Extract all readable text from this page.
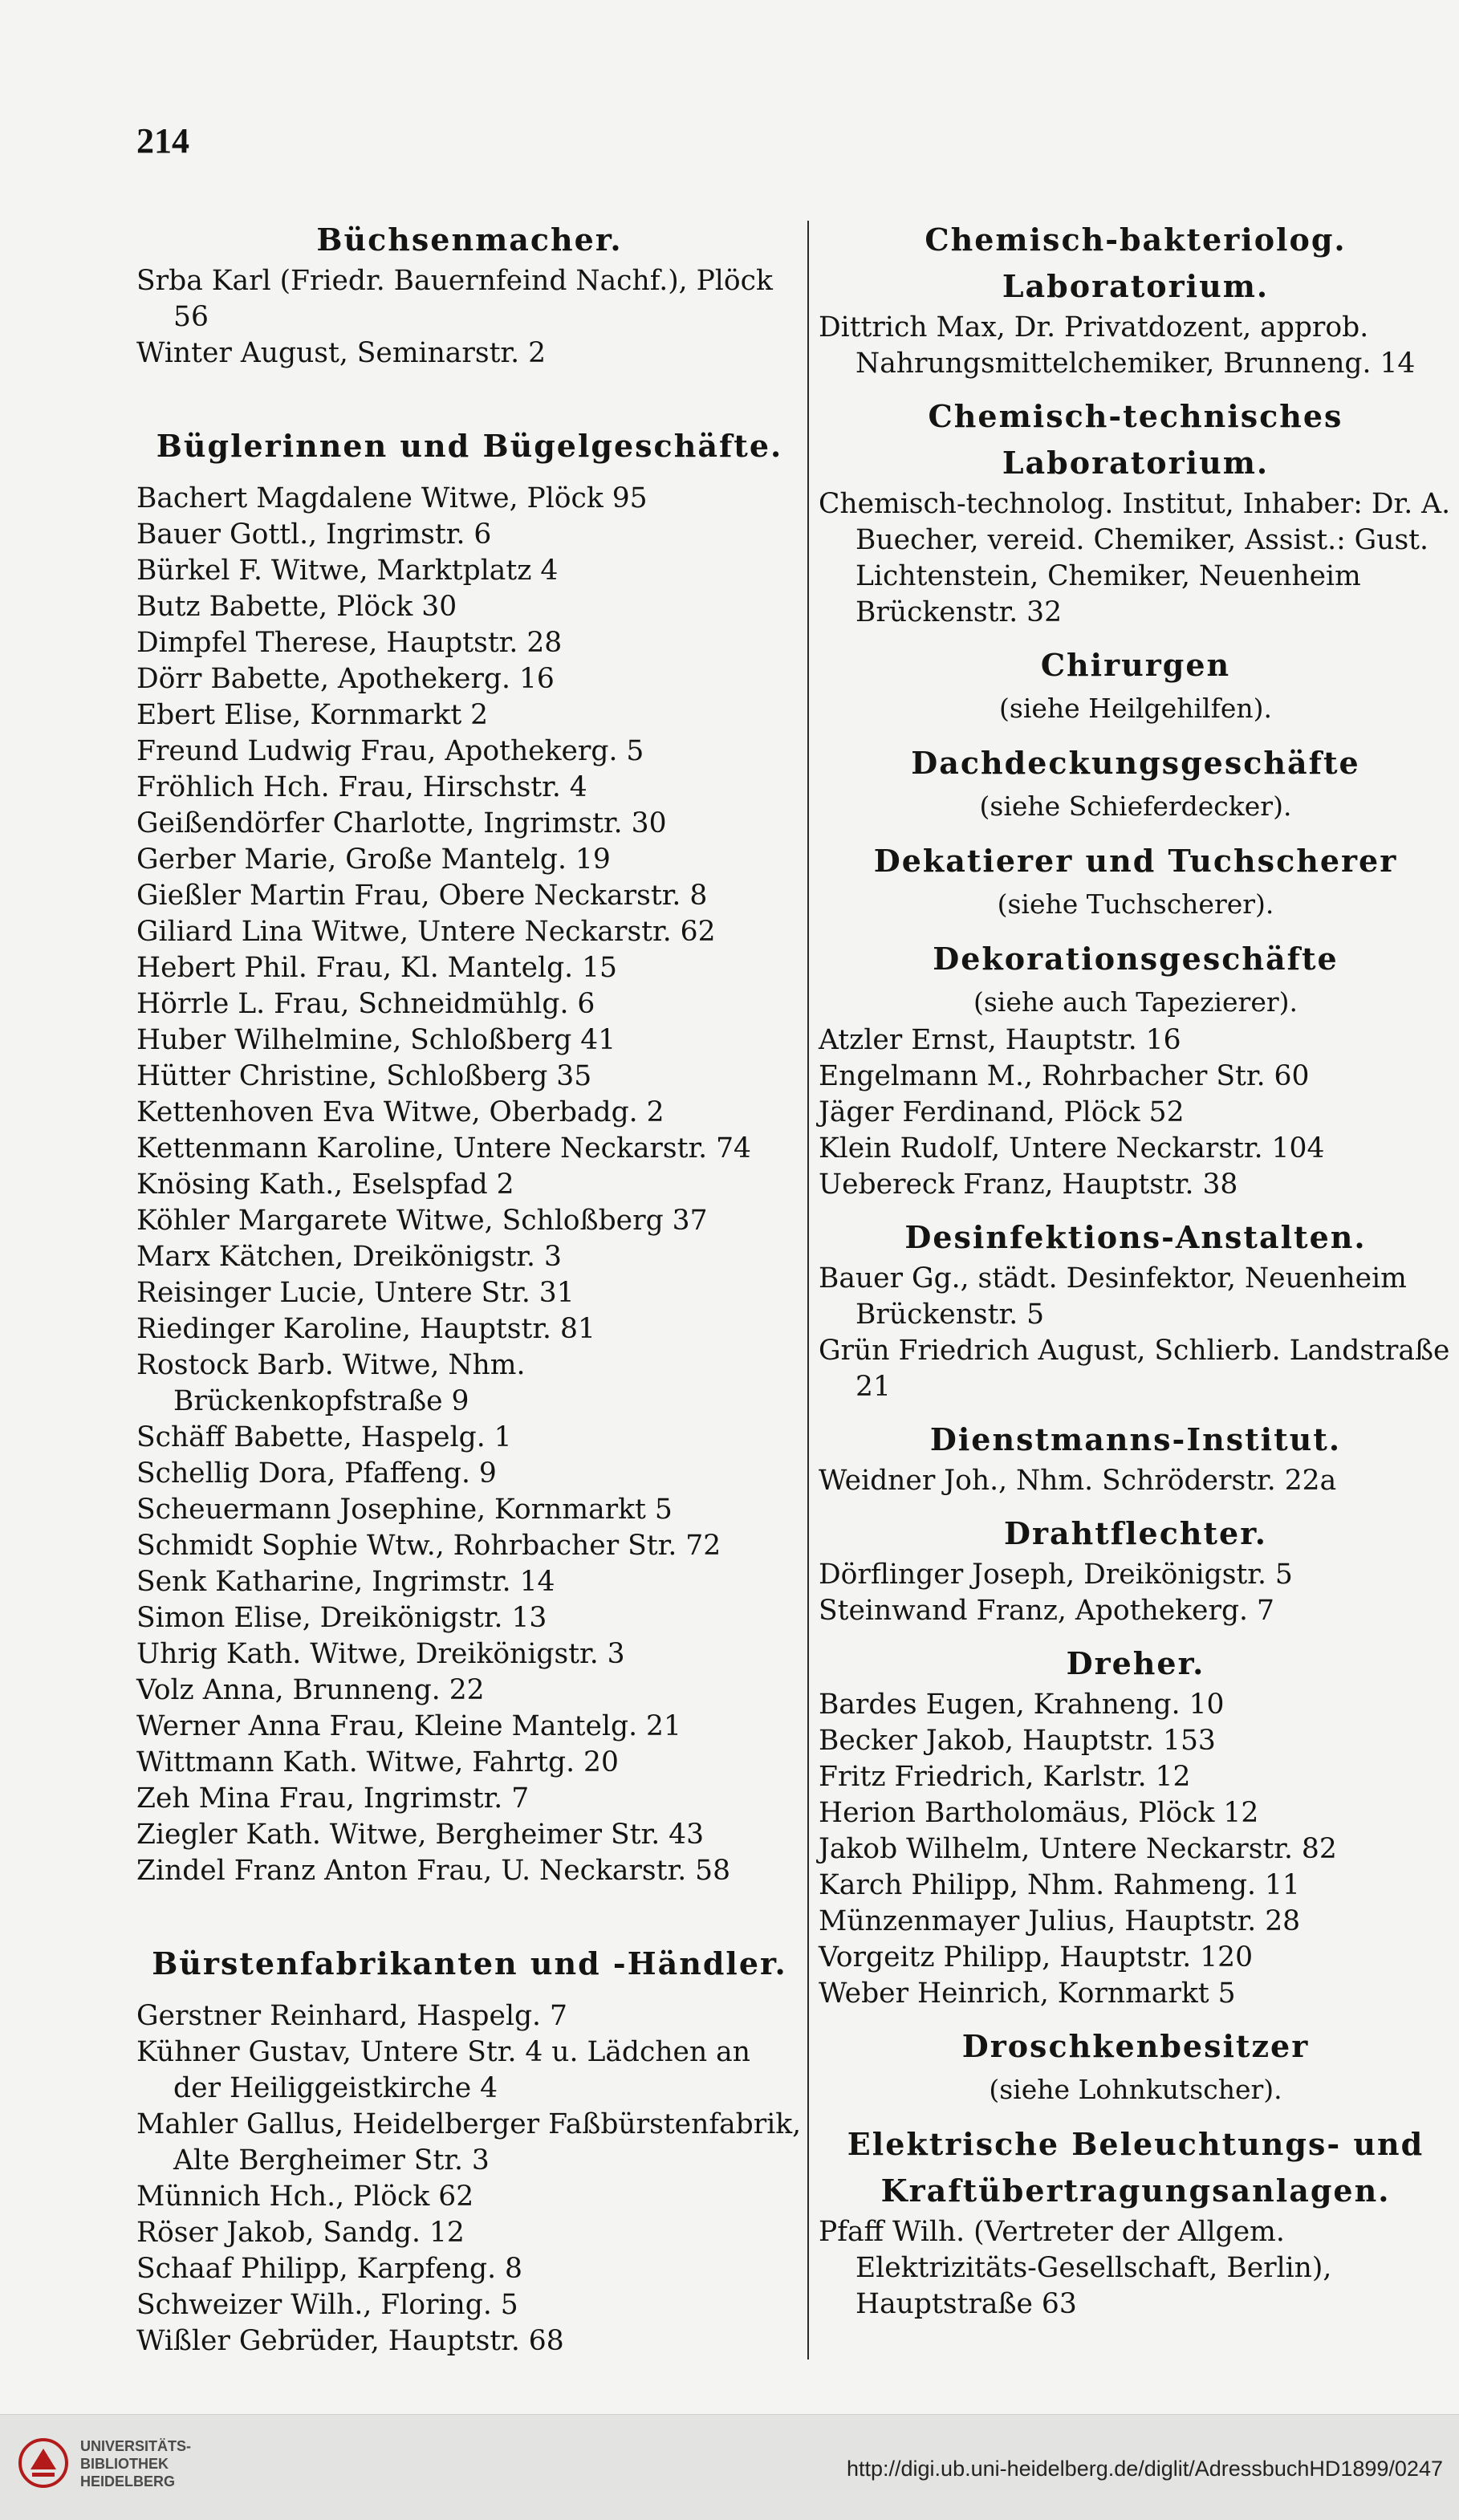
214
Büchsenmacher.
Srba Karl (Friedr. Bauernfeind Nachf.), Plöck 56
Winter August, Seminarstr. 2
Büglerinnen und Bügelgeschäfte.
Bachert Magdalene Witwe, Plöck 95
Bauer Gottl., Ingrimstr. 6
Bürkel F. Witwe, Marktplatz 4
Butz Babette, Plöck 30
Dimpfel Therese, Hauptstr. 28
Dörr Babette, Apothekerg. 16
Ebert Elise, Kornmarkt 2
Freund Ludwig Frau, Apothekerg. 5
Fröhlich Hch. Frau, Hirschstr. 4
Geißendörfer Charlotte, Ingrimstr. 30
Gerber Marie, Große Mantelg. 19
Gießler Martin Frau, Obere Neckarstr. 8
Giliard Lina Witwe, Untere Neckarstr. 62
Hebert Phil. Frau, Kl. Mantelg. 15
Hörrle L. Frau, Schneidmühlg. 6
Huber Wilhelmine, Schloßberg 41
Hütter Christine, Schloßberg 35
Kettenhoven Eva Witwe, Oberbadg. 2
Kettenmann Karoline, Untere Neckarstr. 74
Knösing Kath., Eselspfad 2
Köhler Margarete Witwe, Schloßberg 37
Marx Kätchen, Dreikönigstr. 3
Reisinger Lucie, Untere Str. 31
Riedinger Karoline, Hauptstr. 81
Rostock Barb. Witwe, Nhm. Brückenkopfstraße 9
Schäff Babette, Haspelg. 1
Schellig Dora, Pfaffeng. 9
Scheuermann Josephine, Kornmarkt 5
Schmidt Sophie Wtw., Rohrbacher Str. 72
Senk Katharine, Ingrimstr. 14
Simon Elise, Dreikönigstr. 13
Uhrig Kath. Witwe, Dreikönigstr. 3
Volz Anna, Brunneng. 22
Werner Anna Frau, Kleine Mantelg. 21
Wittmann Kath. Witwe, Fahrtg. 20
Zeh Mina Frau, Ingrimstr. 7
Ziegler Kath. Witwe, Bergheimer Str. 43
Zindel Franz Anton Frau, U. Neckarstr. 58
Bürstenfabrikanten und -Händler.
Gerstner Reinhard, Haspelg. 7
Kühner Gustav, Untere Str. 4 u. Lädchen an der Heiliggeistkirche 4
Mahler Gallus, Heidelberger Faßbürstenfabrik, Alte Bergheimer Str. 3
Münnich Hch., Plöck 62
Röser Jakob, Sandg. 12
Schaaf Philipp, Karpfeng. 8
Schweizer Wilh., Floring. 5
Wißler Gebrüder, Hauptstr. 68
Chemisch-bakteriolog. Laboratorium.
Dittrich Max, Dr. Privatdozent, approb. Nahrungsmittelchemiker, Brunneng. 14
Chemisch-technisches Laboratorium.
Chemisch-technolog. Institut, Inhaber: Dr. A. Buecher, vereid. Chemiker, Assist.: Gust. Lichtenstein, Chemiker, Neuenheim Brückenstr. 32
Chirurgen

(siehe Heilgehilfen).

Dachdeckungsgeschäfte

(siehe Schieferdecker).

Dekatierer und Tuchscherer

(siehe Tuchscherer).

Dekorationsgeschäfte

(siehe auch Tapezierer).

Atzler Ernst, Hauptstr. 16
Engelmann M., Rohrbacher Str. 60
Jäger Ferdinand, Plöck 52
Klein Rudolf, Untere Neckarstr. 104
Uebereck Franz, Hauptstr. 38
Desinfektions-Anstalten.
Bauer Gg., städt. Desinfektor, Neuenheim Brückenstr. 5
Grün Friedrich August, Schlierb. Landstraße 21
Dienstmanns-Institut.
Weidner Joh., Nhm. Schröderstr. 22a
Drahtflechter.
Dörflinger Joseph, Dreikönigstr. 5
Steinwand Franz, Apothekerg. 7
Dreher.
Bardes Eugen, Krahneng. 10
Becker Jakob, Hauptstr. 153
Fritz Friedrich, Karlstr. 12
Herion Bartholomäus, Plöck 12
Jakob Wilhelm, Untere Neckarstr. 82
Karch Philipp, Nhm. Rahmeng. 11
Münzenmayer Julius, Hauptstr. 28
Vorgeitz Philipp, Hauptstr. 120
Weber Heinrich, Kornmarkt 5
Droschkenbesitzer

(siehe Lohnkutscher).

Elektrische Beleuchtungs- und
Kraftübertragungsanlagen.
Pfaff Wilh. (Vertreter der Allgem. Elektrizitäts-Gesellschaft, Berlin), Hauptstraße 63
UNIVERSITÄTS-
BIBLIOTHEK
HEIDELBERG
http://digi.ub.uni-heidelberg.de/diglit/AdressbuchHD1899/0247
